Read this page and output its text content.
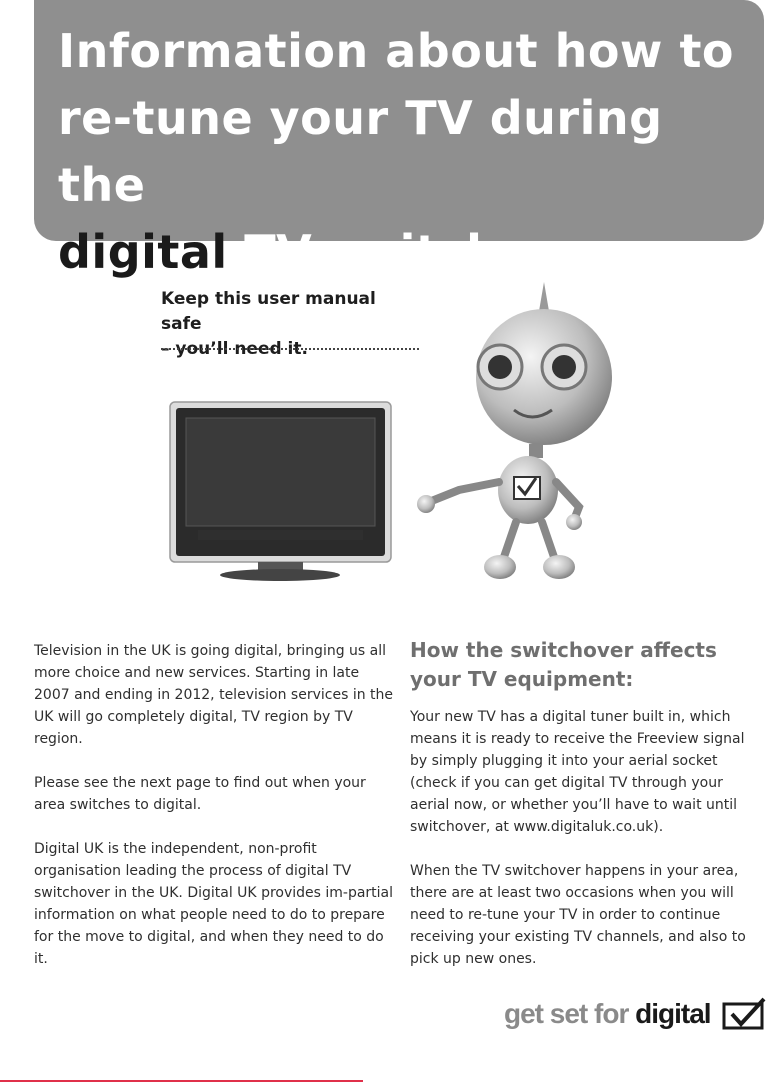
Information about how to
re-tune your TV during the
digital TV switchover.
Keep this user manual safe
– you’ll need it.

Television in the UK is going digital, bringing us all more choice and new services. Starting in late 2007 and ending in 2012, television services in the UK will go completely digital, TV region by TV region.

Please see the next page to find out when your area switches to digital.

Digital UK is the independent, non-profit organisation leading the process of digital TV switchover in the UK. Digital UK provides im-partial information on what people need to do to prepare for the move to digital, and when they need to do it.

How the switchover affects your TV equipment:

Your new TV has a digital tuner built in, which means it is ready to receive the Freeview signal by simply plugging it into your aerial socket (check if you can get digital TV through your aerial now, or whether you’ll have to wait until switchover, at www.digitaluk.co.uk).

When the TV switchover happens in your area, there are at least two occasions when you will need to re-tune your TV in order to continue receiving your existing TV channels, and also to pick up new ones.

get set for digital
